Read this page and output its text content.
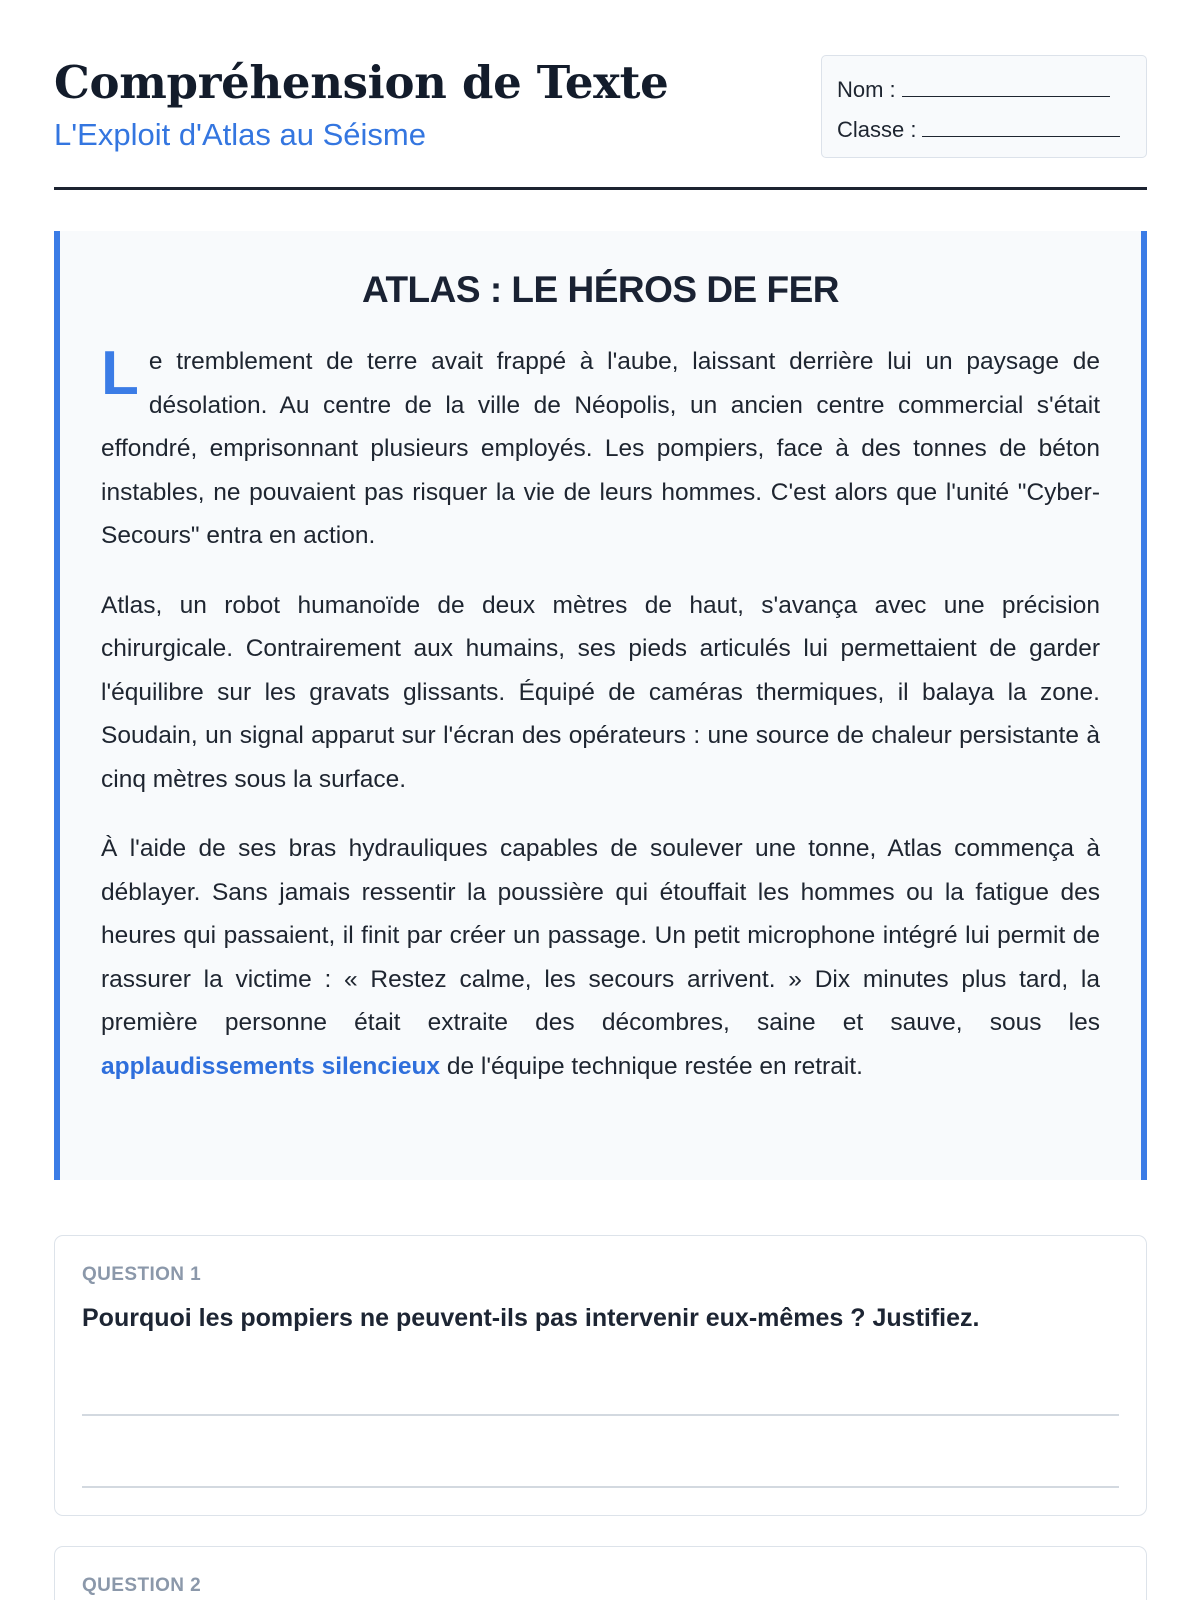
Compréhension de Texte
L'Exploit d'Atlas au Séisme
Nom :
Classe :
ATLAS : LE HÉROS DE FER

Le tremblement de terre avait frappé à l'aube, laissant derrière lui un paysage de désolation. Au centre de la ville de Néopolis, un ancien centre commercial s'était effondré, emprisonnant plusieurs employés. Les pompiers, face à des tonnes de béton instables, ne pouvaient pas risquer la vie de leurs hommes. C'est alors que l'unité "Cyber-Secours" entra en action.

Atlas, un robot humanoïde de deux mètres de haut, s'avança avec une précision chirurgicale. Contrairement aux humains, ses pieds articulés lui permettaient de garder l'équilibre sur les gravats glissants. Équipé de caméras thermiques, il balaya la zone. Soudain, un signal apparut sur l'écran des opérateurs : une source de chaleur persistante à cinq mètres sous la surface.

À l'aide de ses bras hydrauliques capables de soulever une tonne, Atlas commença à déblayer. Sans jamais ressentir la poussière qui étouffait les hommes ou la fatigue des heures qui passaient, il finit par créer un passage. Un petit microphone intégré lui permit de rassurer la victime : « Restez calme, les secours arrivent. » Dix minutes plus tard, la première personne était extraite des décombres, saine et sauve, sous les applaudissements silencieux de l'équipe technique restée en retrait.

QUESTION 1
Pourquoi les pompiers ne peuvent-ils pas intervenir eux-mêmes ? Justifiez.
QUESTION 2
